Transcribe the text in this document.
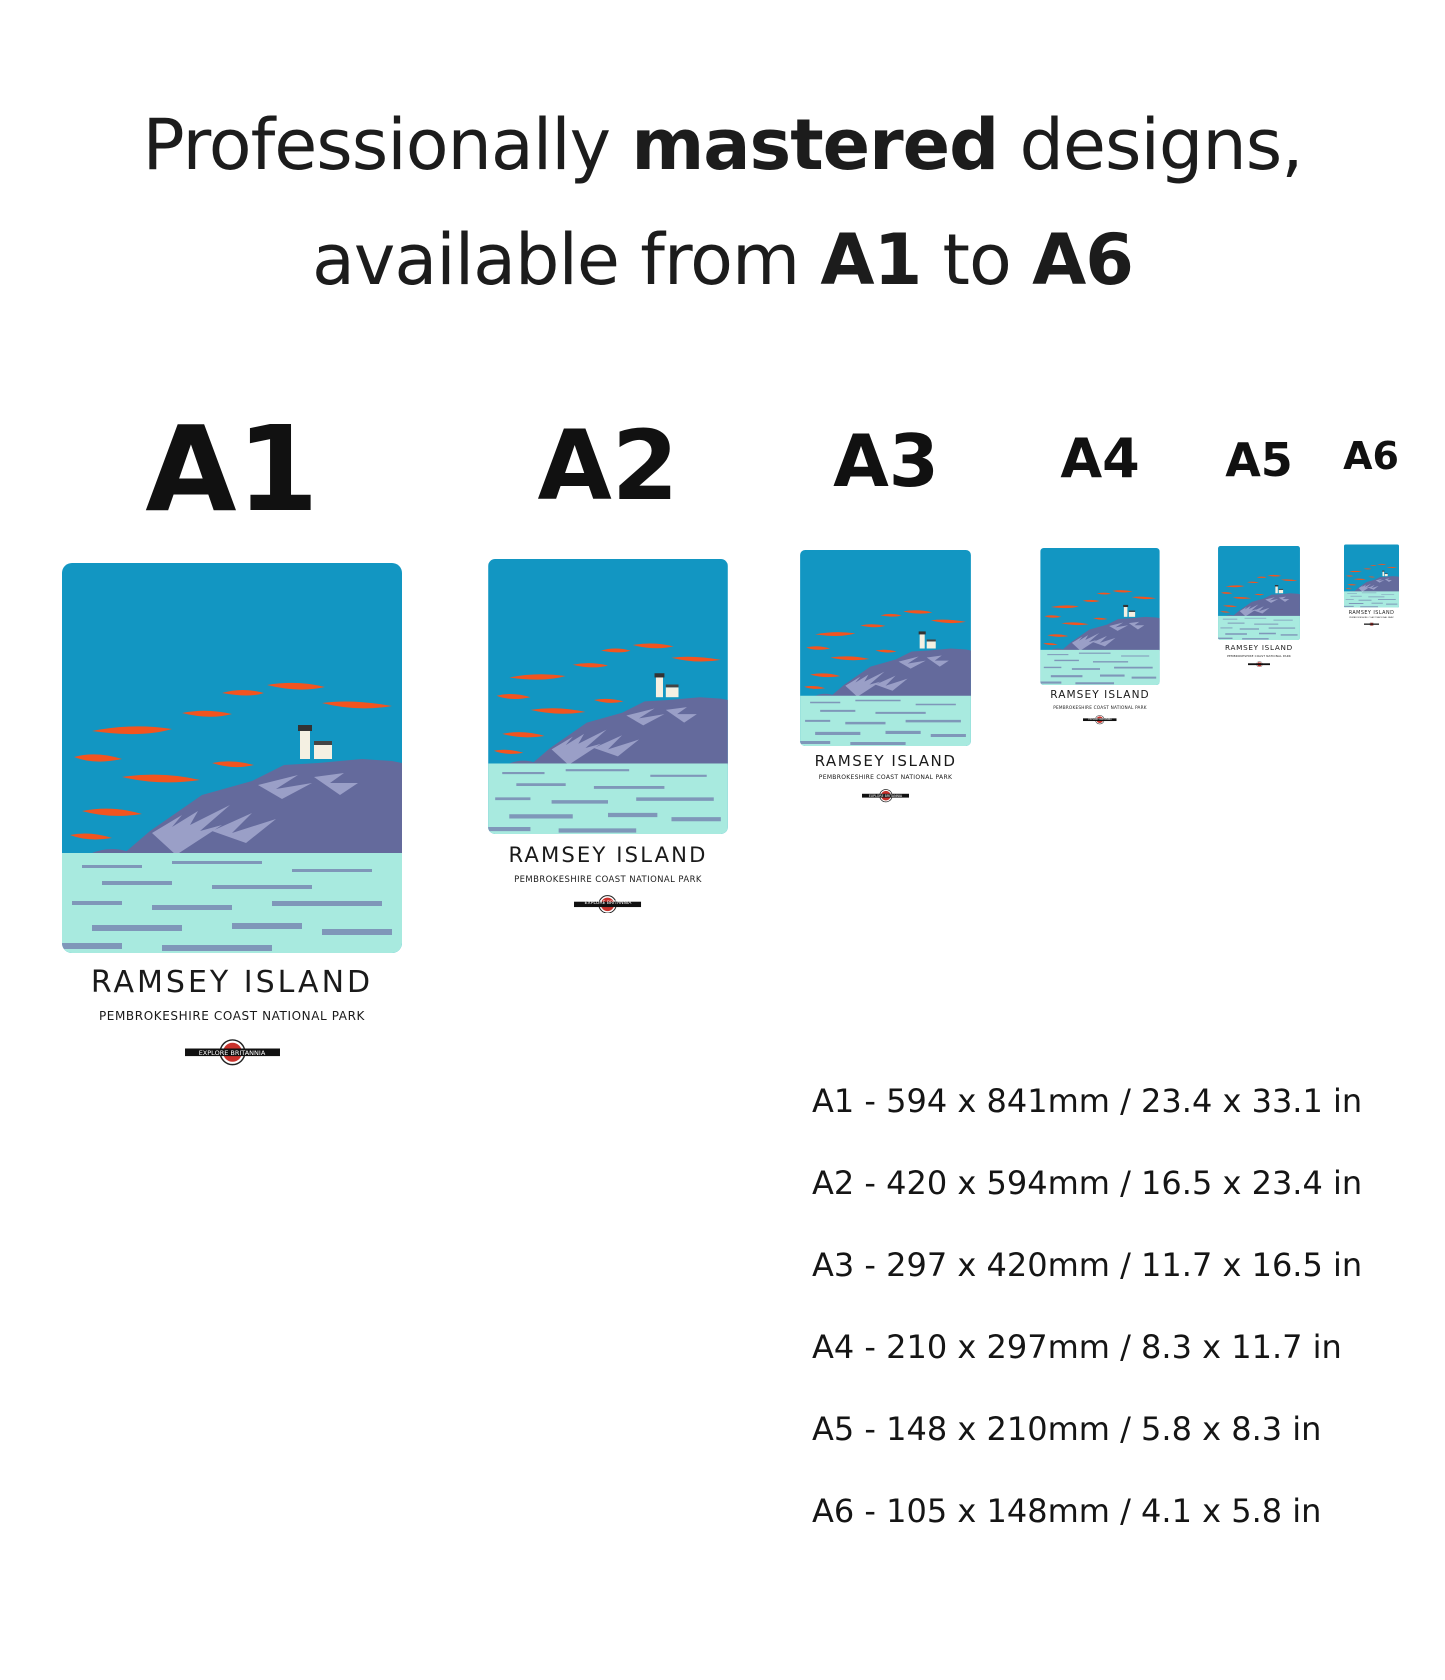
Professionally mastered designs,
available from A1 to A6
A1	A2	A3	A4	A5	A6
RAMSEY ISLAND
PEMBROKESHIRE COAST NATIONAL PARK
EXPLORE BRITANNIA
RAMSEY ISLAND
PEMBROKESHIRE COAST NATIONAL PARK
EXPLORE BRITANNIA
RAMSEY ISLAND
PEMBROKESHIRE COAST NATIONAL PARK
EXPLORE BRITANNIA
RAMSEY ISLAND
PEMBROKESHIRE COAST NATIONAL PARK
EXPLORE BRITANNIA
RAMSEY ISLAND
PEMBROKESHIRE COAST NATIONAL PARK
EXPLORE BRITANNIA
RAMSEY ISLAND
PEMBROKESHIRE COAST NATIONAL PARK
EXPLORE BRITANNIA
A1 - 594 x 841mm / 23.4 x 33.1 in
A2 - 420 x 594mm / 16.5 x 23.4 in
A3 - 297 x 420mm / 11.7 x 16.5 in
A4 - 210 x 297mm / 8.3 x 11.7 in
A5 - 148 x 210mm / 5.8 x 8.3 in
A6 - 105 x 148mm / 4.1 x 5.8 in
